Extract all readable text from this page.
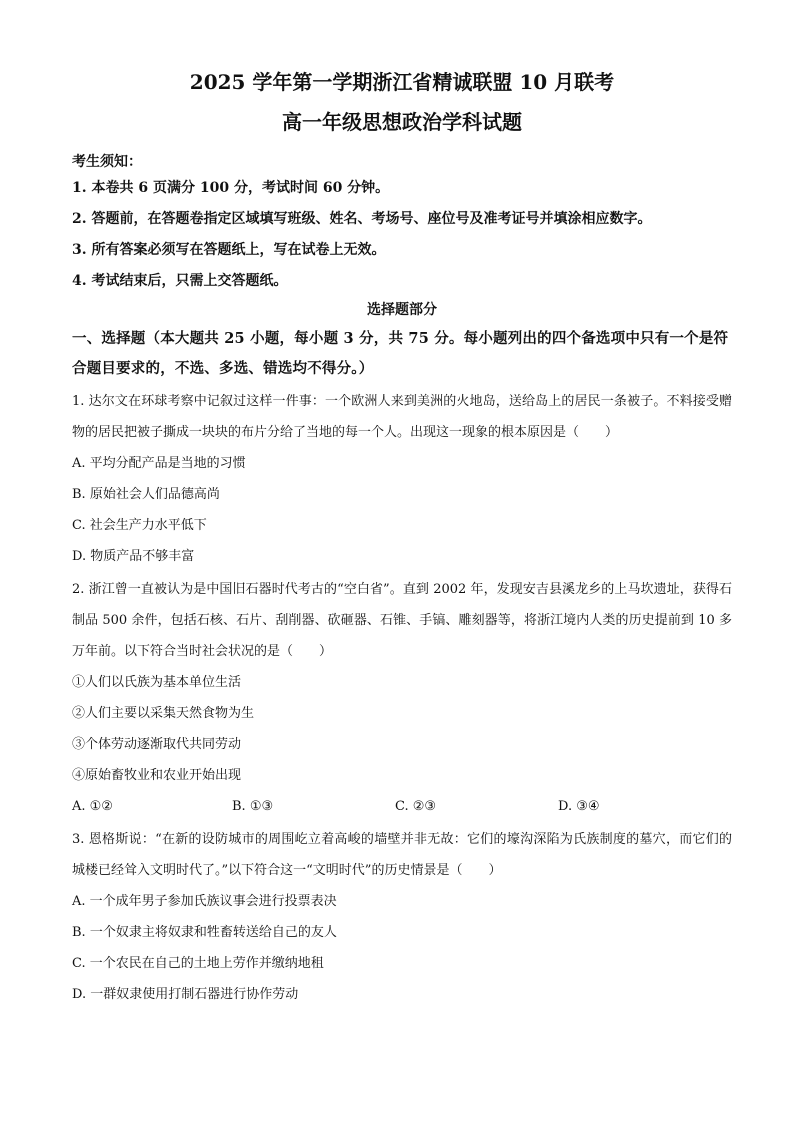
2025 学年第一学期浙江省精诚联盟 10 月联考
高一年级思想政治学科试题
考生须知：
1. 本卷共 6 页满分 100 分，考试时间 60 分钟。
2. 答题前，在答题卷指定区域填写班级、姓名、考场号、座位号及准考证号并填涂相应数字。
3. 所有答案必须写在答题纸上，写在试卷上无效。
4. 考试结束后，只需上交答题纸。
选择题部分
一、选择题（本大题共 25 小题，每小题 3 分，共 75 分。每小题列出的四个备选项中只有一个是符合题目要求的，不选、多选、错选均不得分。）
1. 达尔文在环球考察中记叙过这样一件事：一个欧洲人来到美洲的火地岛，送给岛上的居民一条被子。不料接受赠物的居民把被子撕成一块块的布片分给了当地的每一个人。出现这一现象的根本原因是（　　）
A. 平均分配产品是当地的习惯
B. 原始社会人们品德高尚
C. 社会生产力水平低下
D. 物质产品不够丰富
2. 浙江曾一直被认为是中国旧石器时代考古的“空白省”。直到 2002 年，发现安吉县溪龙乡的上马坎遗址，获得石制品 500 余件，包括石核、石片、刮削器、砍砸器、石锥、手镐、雕刻器等，将浙江境内人类的历史提前到 10 多万年前。以下符合当时社会状况的是（　　）
①人们以氏族为基本单位生活
②人们主要以采集天然食物为生
③个体劳动逐渐取代共同劳动
④原始畜牧业和农业开始出现
A. ①②	B. ①③	C. ②③	D. ③④
3. 恩格斯说：“在新的设防城市的周围屹立着高峻的墙壁并非无故：它们的壕沟深陷为氏族制度的墓穴，而它们的城楼已经耸入文明时代了。”以下符合这一“文明时代”的历史情景是（　　）
A. 一个成年男子参加氏族议事会进行投票表决
B. 一个奴隶主将奴隶和牲畜转送给自己的友人
C. 一个农民在自己的土地上劳作并缴纳地租
D. 一群奴隶使用打制石器进行协作劳动
